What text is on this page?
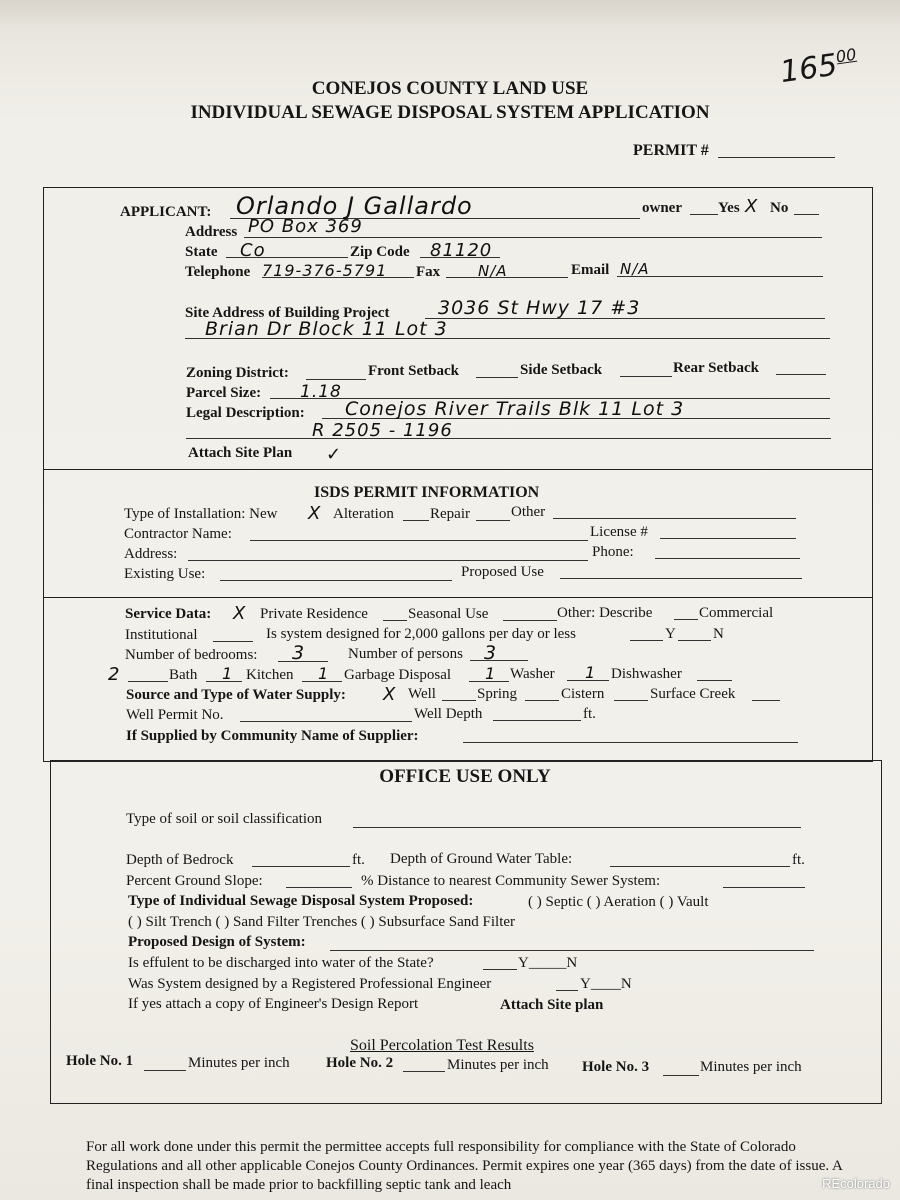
CONEJOS COUNTY LAND USE
INDIVIDUAL SEWAGE DISPOSAL SYSTEM APPLICATION
$165^{00}$
PERMIT #
APPLICANT: Orlando J Gallardo	owner Yes X No
Address PO Box 369
State Co	Zip Code 81120
Telephone 719-376-5791 Fax	N/A	Email N/A
Site Address of Building Project	3036 St Hwy 17 #3
Brian Dr Block 11 Lot 3
Zoning District:	Front Setback	Side Setback	Rear Setback
Parcel Size: 1.18
Legal Description: Conejos River Trails Blk 11 Lot 3
R 2505 - 1196
Attach Site Plan ✓
ISDS PERMIT INFORMATION
Type of Installation: New X Alteration Repair	Other
Contractor Name:	License #
Address:	Phone:
Existing Use:	Proposed Use
Service Data: X Private Residence	Seasonal Use	Other: Describe	Commercial
Institutional	Is system designed for 2,000 gallons per day or less	Y N
Number of bedrooms: 3	Number of persons 3
2	Bath 1 Kitchen 1 Garbage Disposal 1 Washer 1 Dishwasher
Source and Type of Water Supply: X Well	Spring	Cistern	Surface Creek
Well Permit No.	Well Depth	ft.
If Supplied by Community Name of Supplier:
OFFICE USE ONLY
Type of soil or soil classification
Depth of Bedrock	ft. Depth of Ground Water Table:	ft.
Percent Ground Slope:	% Distance to nearest Community Sewer System:
Type of Individual Sewage Disposal System Proposed:	( ) Septic ( ) Aeration ( ) Vault
( ) Silt Trench ( ) Sand Filter Trenches ( ) Subsurface Sand Filter
Proposed Design of System:
Is effulent to be discharged into water of the State?	Y_____N
Was System designed by a Registered Professional Engineer	Y____N
If yes attach a copy of Engineer's Design Report	Attach Site plan
Soil Percolation Test Results
Hole No. 1	Minutes per inch Hole No. 2	Minutes per inch Hole No. 3	Minutes per inch
For all work done under this permit the permittee accepts full responsibility for compliance with the State of Colorado Regulations and all other applicable Conejos County Ordinances. Permit expires one year (365 days) from the date of issue. A final inspection shall be made prior to backfilling septic tank and leach	REcolorado
